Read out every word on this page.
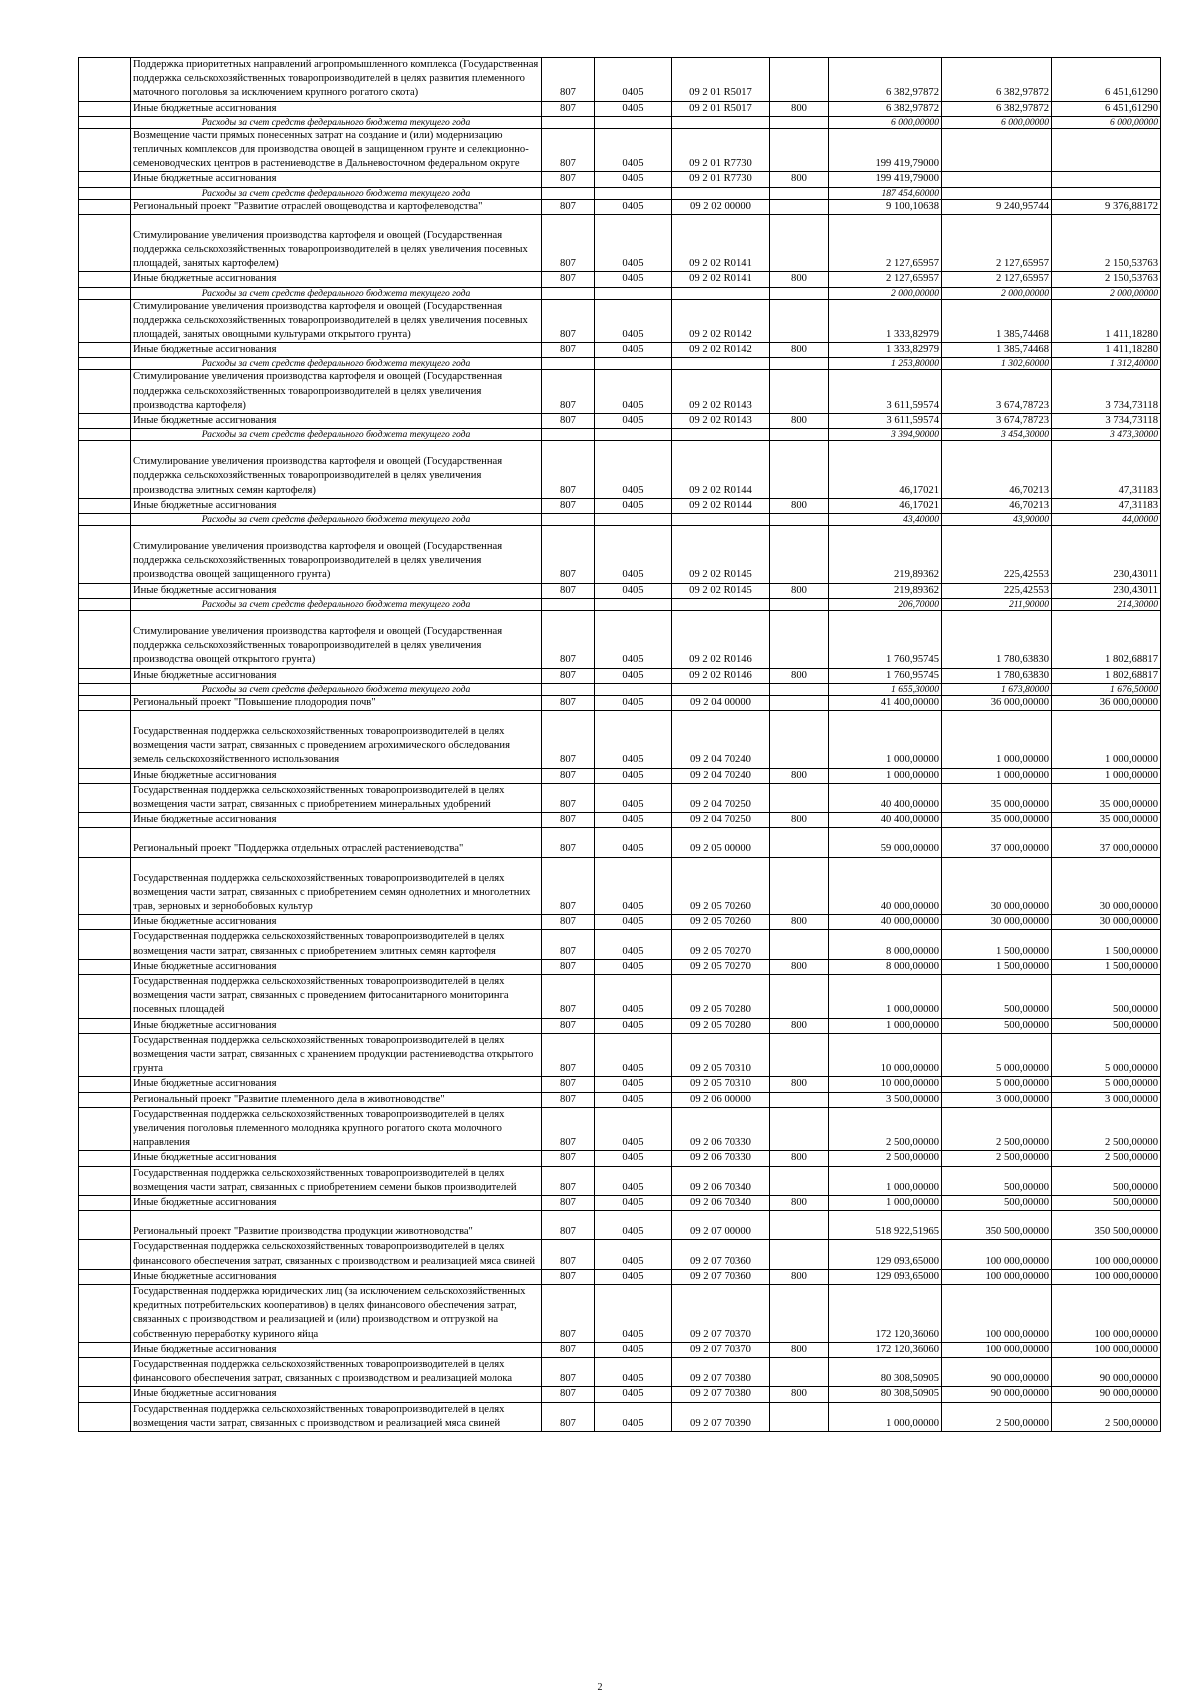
	Поддержка приоритетных направлений агропромышленного комплекса (Государственная поддержка сельскохозяйственных товаропроизводителей в целях развития племенного маточного поголовья за исключением крупного рогатого скота)	807	0405	09 2 01 R5017		6 382,97872	6 382,97872	6 451,61290
	Иные бюджетные ассигнования	807	0405	09 2 01 R5017	800	6 382,97872	6 382,97872	6 451,61290
	Расходы за счет средств федерального бюджета текущего года					6 000,00000	6 000,00000	6 000,00000
	Возмещение части прямых понесенных затрат на создание и (или) модернизацию тепличных комплексов для производства овощей в защищенном грунте и селекционно-семеноводческих центров в растениеводстве в Дальневосточном федеральном округе	807	0405	09 2 01 R7730		199 419,79000		
	Иные бюджетные ассигнования	807	0405	09 2 01 R7730	800	199 419,79000		
	Расходы за счет средств федерального бюджета текущего года					187 454,60000		
	Региональный проект "Развитие отраслей овощеводства и картофелеводства"	807	0405	09 2 02 00000		9 100,10638	9 240,95744	9 376,88172
	Стимулирование увеличения производства картофеля и овощей (Государственная поддержка сельскохозяйственных товаропроизводителей в целях увеличения посевных площадей, занятых картофелем)	807	0405	09 2 02 R0141		2 127,65957	2 127,65957	2 150,53763
	Иные бюджетные ассигнования	807	0405	09 2 02 R0141	800	2 127,65957	2 127,65957	2 150,53763
	Расходы за счет средств федерального бюджета текущего года					2 000,00000	2 000,00000	2 000,00000
	Стимулирование увеличения производства картофеля и овощей (Государственная поддержка сельскохозяйственных товаропроизводителей в целях увеличения посевных площадей, занятых овощными культурами открытого грунта)	807	0405	09 2 02 R0142		1 333,82979	1 385,74468	1 411,18280
	Иные бюджетные ассигнования	807	0405	09 2 02 R0142	800	1 333,82979	1 385,74468	1 411,18280
	Расходы за счет средств федерального бюджета текущего года					1 253,80000	1 302,60000	1 312,40000
	Стимулирование увеличения производства картофеля и овощей (Государственная поддержка сельскохозяйственных товаропроизводителей в целях увеличения производства картофеля)	807	0405	09 2 02 R0143		3 611,59574	3 674,78723	3 734,73118
	Иные бюджетные ассигнования	807	0405	09 2 02 R0143	800	3 611,59574	3 674,78723	3 734,73118
	Расходы за счет средств федерального бюджета текущего года					3 394,90000	3 454,30000	3 473,30000
	Стимулирование увеличения производства картофеля и овощей (Государственная поддержка сельскохозяйственных товаропроизводителей в целях увеличения производства элитных семян картофеля)	807	0405	09 2 02 R0144		46,17021	46,70213	47,31183
	Иные бюджетные ассигнования	807	0405	09 2 02 R0144	800	46,17021	46,70213	47,31183
	Расходы за счет средств федерального бюджета текущего года					43,40000	43,90000	44,00000
	Стимулирование увеличения производства картофеля и овощей (Государственная поддержка сельскохозяйственных товаропроизводителей в целях увеличения производства овощей защищенного грунта)	807	0405	09 2 02 R0145		219,89362	225,42553	230,43011
	Иные бюджетные ассигнования	807	0405	09 2 02 R0145	800	219,89362	225,42553	230,43011
	Расходы за счет средств федерального бюджета текущего года					206,70000	211,90000	214,30000
	Стимулирование увеличения производства картофеля и овощей (Государственная поддержка сельскохозяйственных товаропроизводителей в целях увеличения производства овощей открытого грунта)	807	0405	09 2 02 R0146		1 760,95745	1 780,63830	1 802,68817
	Иные бюджетные ассигнования	807	0405	09 2 02 R0146	800	1 760,95745	1 780,63830	1 802,68817
	Расходы за счет средств федерального бюджета текущего года					1 655,30000	1 673,80000	1 676,50000
	Региональный проект "Повышение плодородия почв"	807	0405	09 2 04 00000		41 400,00000	36 000,00000	36 000,00000
	Государственная поддержка сельскохозяйственных товаропроизводителей в целях возмещения части затрат, связанных с проведением агрохимического обследования земель сельскохозяйственного использования	807	0405	09 2 04 70240		1 000,00000	1 000,00000	1 000,00000
	Иные бюджетные ассигнования	807	0405	09 2 04 70240	800	1 000,00000	1 000,00000	1 000,00000
	Государственная поддержка сельскохозяйственных товаропроизводителей в целях возмещения части затрат, связанных с приобретением минеральных удобрений	807	0405	09 2 04 70250		40 400,00000	35 000,00000	35 000,00000
	Иные бюджетные ассигнования	807	0405	09 2 04 70250	800	40 400,00000	35 000,00000	35 000,00000
	Региональный проект "Поддержка отдельных отраслей растениеводства"	807	0405	09 2 05 00000		59 000,00000	37 000,00000	37 000,00000
	Государственная поддержка сельскохозяйственных товаропроизводителей в целях возмещения части затрат, связанных с приобретением семян однолетних и многолетних трав, зерновых и зернобобовых культур	807	0405	09 2 05 70260		40 000,00000	30 000,00000	30 000,00000
	Иные бюджетные ассигнования	807	0405	09 2 05 70260	800	40 000,00000	30 000,00000	30 000,00000
	Государственная поддержка сельскохозяйственных товаропроизводителей в целях возмещения части затрат, связанных с приобретением элитных семян картофеля	807	0405	09 2 05 70270		8 000,00000	1 500,00000	1 500,00000
	Иные бюджетные ассигнования	807	0405	09 2 05 70270	800	8 000,00000	1 500,00000	1 500,00000
	Государственная поддержка сельскохозяйственных товаропроизводителей в целях возмещения части затрат, связанных с проведением фитосанитарного мониторинга посевных площадей	807	0405	09 2 05 70280		1 000,00000	500,00000	500,00000
	Иные бюджетные ассигнования	807	0405	09 2 05 70280	800	1 000,00000	500,00000	500,00000
	Государственная поддержка сельскохозяйственных товаропроизводителей в целях возмещения части затрат, связанных с хранением продукции растениеводства открытого грунта	807	0405	09 2 05 70310		10 000,00000	5 000,00000	5 000,00000
	Иные бюджетные ассигнования	807	0405	09 2 05 70310	800	10 000,00000	5 000,00000	5 000,00000
	Региональный проект "Развитие племенного дела в животноводстве"	807	0405	09 2 06 00000		3 500,00000	3 000,00000	3 000,00000
	Государственная поддержка сельскохозяйственных товаропроизводителей в целях увеличения поголовья племенного молодняка крупного рогатого скота молочного направления	807	0405	09 2 06 70330		2 500,00000	2 500,00000	2 500,00000
	Иные бюджетные ассигнования	807	0405	09 2 06 70330	800	2 500,00000	2 500,00000	2 500,00000
	Государственная поддержка сельскохозяйственных товаропроизводителей в целях возмещения части затрат, связанных с приобретением семени быков производителей	807	0405	09 2 06 70340		1 000,00000	500,00000	500,00000
	Иные бюджетные ассигнования	807	0405	09 2 06 70340	800	1 000,00000	500,00000	500,00000
	Региональный проект "Развитие производства продукции животноводства"	807	0405	09 2 07 00000		518 922,51965	350 500,00000	350 500,00000
	Государственная поддержка сельскохозяйственных товаропроизводителей в целях финансового обеспечения затрат, связанных с производством и реализацией мяса свиней	807	0405	09 2 07 70360		129 093,65000	100 000,00000	100 000,00000
	Иные бюджетные ассигнования	807	0405	09 2 07 70360	800	129 093,65000	100 000,00000	100 000,00000
	Государственная поддержка юридических лиц (за исключением сельскохозяйственных кредитных потребительских кооперативов) в целях финансового обеспечения затрат, связанных с производством и реализацией и (или) производством и отгрузкой на собственную переработку куриного яйца	807	0405	09 2 07 70370		172 120,36060	100 000,00000	100 000,00000
	Иные бюджетные ассигнования	807	0405	09 2 07 70370	800	172 120,36060	100 000,00000	100 000,00000
	Государственная поддержка сельскохозяйственных товаропроизводителей в целях финансового обеспечения затрат, связанных с производством и реализацией молока	807	0405	09 2 07 70380		80 308,50905	90 000,00000	90 000,00000
	Иные бюджетные ассигнования	807	0405	09 2 07 70380	800	80 308,50905	90 000,00000	90 000,00000
	Государственная поддержка сельскохозяйственных товаропроизводителей в целях возмещения части затрат, связанных с производством и реализацией мяса свиней	807	0405	09 2 07 70390		1 000,00000	2 500,00000	2 500,00000
2
